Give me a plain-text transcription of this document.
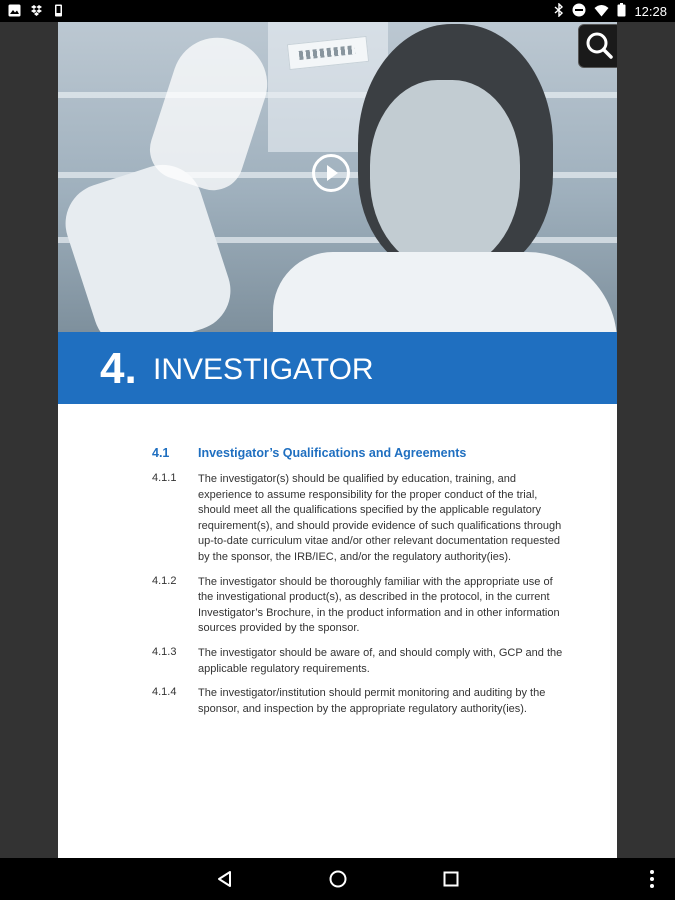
12:28
4. INVESTIGATOR
4.1	Investigator’s Qualifications and Agreements
4.1.1	The investigator(s) should be qualified by education, training, and experience to assume responsibility for the proper conduct of the trial, should meet all the qualifications specified by the applicable regulatory requirement(s), and should provide evidence of such qualifications through up-to-date curriculum vitae and/or other relevant documentation requested by the sponsor, the IRB/IEC, and/or the regulatory authority(ies).
4.1.2	The investigator should be thoroughly familiar with the appropriate use of the investigational product(s), as described in the protocol, in the current Investigator’s Brochure, in the product information and in other information sources provided by the sponsor.
4.1.3	The investigator should be aware of, and should comply with, GCP and the applicable regulatory requirements.
4.1.4	The investigator/institution should permit monitoring and auditing by the sponsor, and inspection by the appropriate regulatory authority(ies).
